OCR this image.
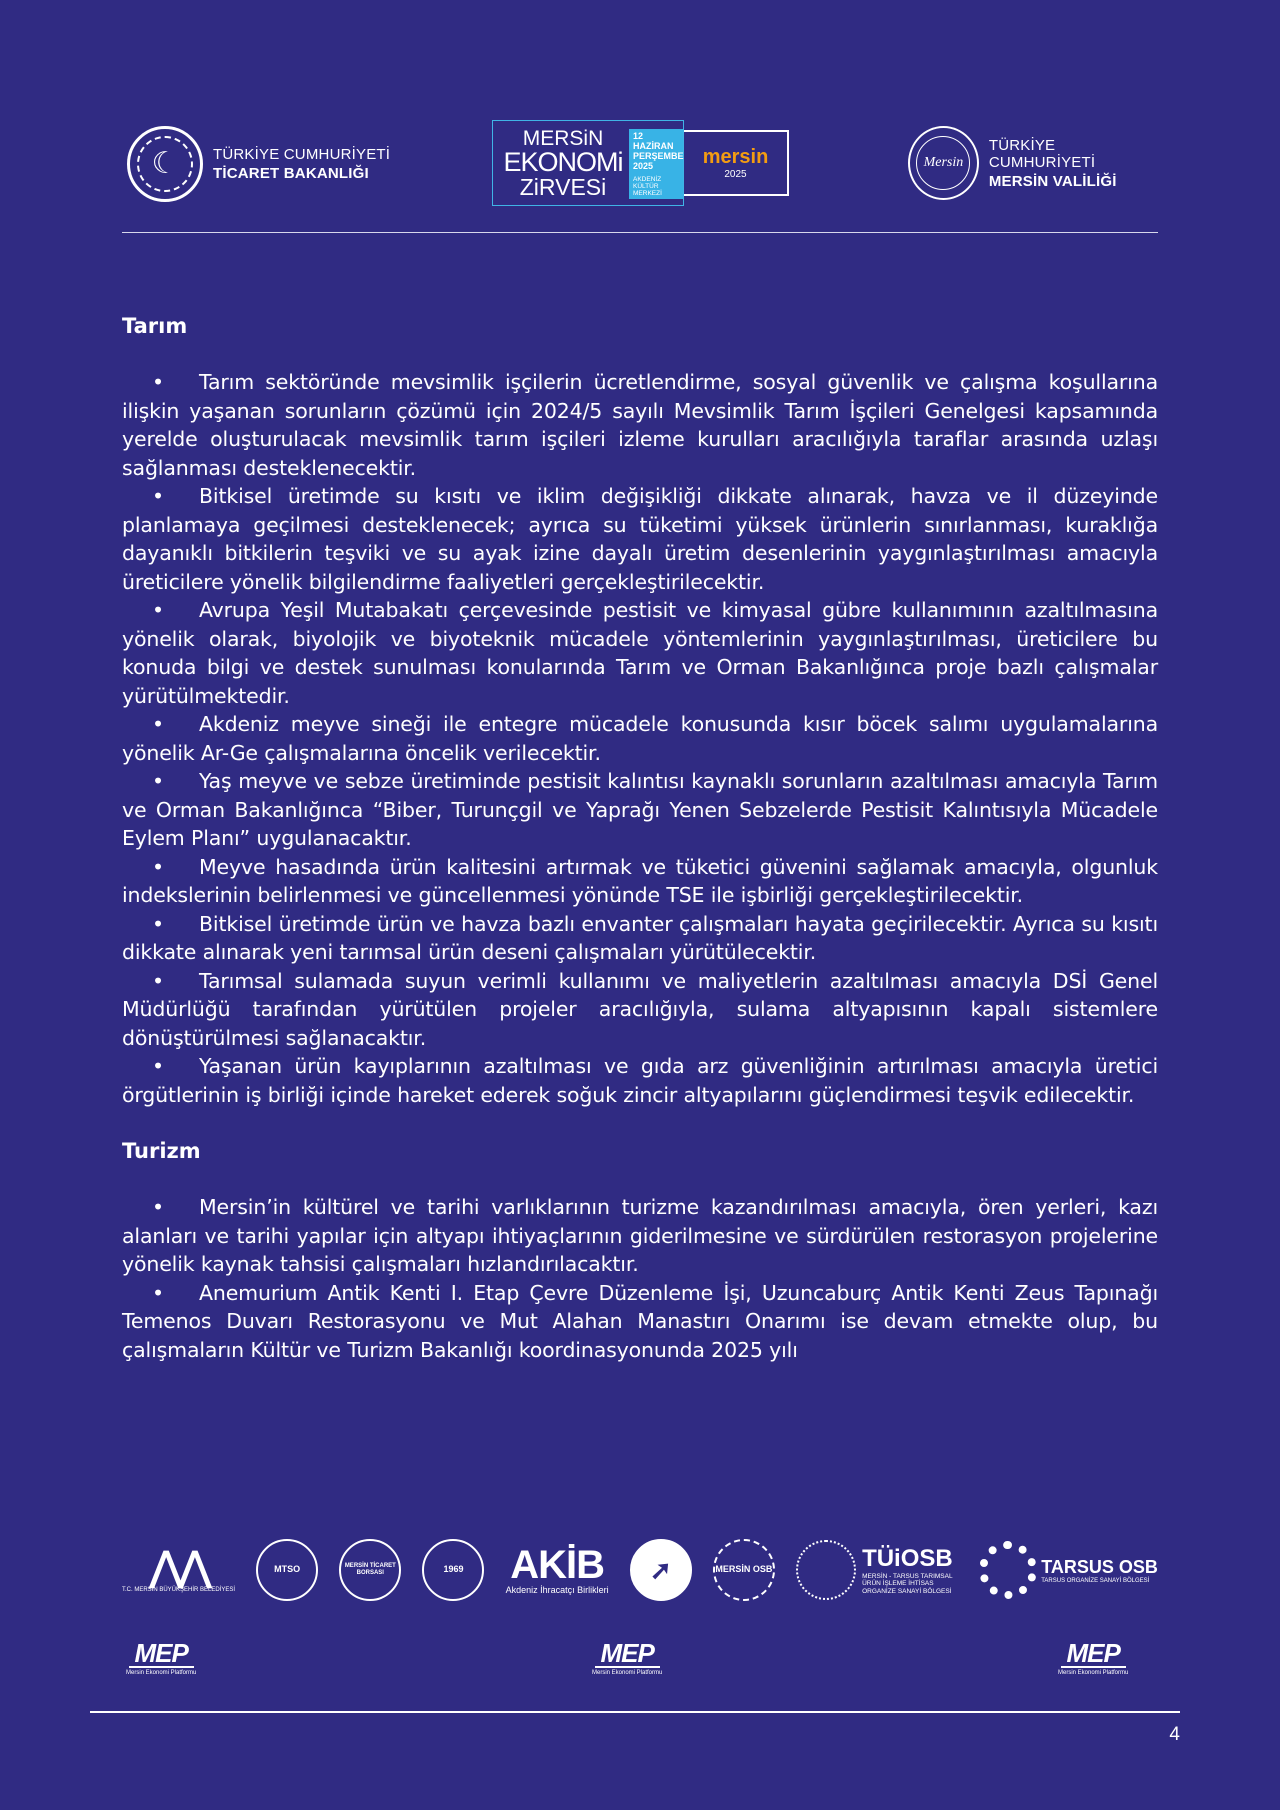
☾	TÜRKİYE CUMHURİYETİ
TİCARET BAKANLIĞI
MERSiN
EKONOMi
ZiRVESi
12 HAZİRAN
PERŞEMBE
2025
AKDENİZ KÜLTÜR MERKEZİ
mersin
2025
Mersin
TÜRKİYE CUMHURİYETİ
MERSİN VALİLİĞİ
Tarım

• Tarım sektöründe mevsimlik işçilerin ücretlendirme, sosyal güvenlik ve çalışma koşullarına ilişkin yaşanan sorunların çözümü için 2024/5 sayılı Mevsimlik Tarım İşçileri Genelgesi kapsamında yerelde oluşturulacak mevsimlik tarım işçileri izleme kurulları aracılığıyla taraflar arasında uzlaşı sağlanması desteklenecektir.

• Bitkisel üretimde su kısıtı ve iklim değişikliği dikkate alınarak, havza ve il düzeyinde planlamaya geçilmesi desteklenecek; ayrıca su tüketimi yüksek ürünlerin sınırlanması, kuraklığa dayanıklı bitkilerin teşviki ve su ayak izine dayalı üretim desenlerinin yaygınlaştırılması amacıyla üreticilere yönelik bilgilendirme faaliyetleri gerçekleştirilecektir.

• Avrupa Yeşil Mutabakatı çerçevesinde pestisit ve kimyasal gübre kullanımının azaltılmasına yönelik olarak, biyolojik ve biyoteknik mücadele yöntemlerinin yaygınlaştırılması, üreticilere bu konuda bilgi ve destek sunulması konularında Tarım ve Orman Bakanlığınca proje bazlı çalışmalar yürütülmektedir.

• Akdeniz meyve sineği ile entegre mücadele konusunda kısır böcek salımı uygulamalarına yönelik Ar-Ge çalışmalarına öncelik verilecektir.

• Yaş meyve ve sebze üretiminde pestisit kalıntısı kaynaklı sorunların azaltılması amacıyla Tarım ve Orman Bakanlığınca “Biber, Turunçgil ve Yaprağı Yenen Sebzelerde Pestisit Kalıntısıyla Mücadele Eylem Planı” uygulanacaktır.

• Meyve hasadında ürün kalitesini artırmak ve tüketici güvenini sağlamak amacıyla, olgunluk indekslerinin belirlenmesi ve güncellenmesi yönünde TSE ile işbirliği gerçekleştirilecektir.

• Bitkisel üretimde ürün ve havza bazlı envanter çalışmaları hayata geçirilecektir. Ayrıca su kısıtı dikkate alınarak yeni tarımsal ürün deseni çalışmaları yürütülecektir.

• Tarımsal sulamada suyun verimli kullanımı ve maliyetlerin azaltılması amacıyla DSİ Genel Müdürlüğü tarafından yürütülen projeler aracılığıyla, sulama altyapısının kapalı sistemlere dönüştürülmesi sağlanacaktır.

• Yaşanan ürün kayıplarının azaltılması ve gıda arz güvenliğinin artırılması amacıyla üretici örgütlerinin iş birliği içinde hareket ederek soğuk zincir altyapılarını güçlendirmesi teşvik edilecektir.

Turizm

• Mersin’in kültürel ve tarihi varlıklarının turizme kazandırılması amacıyla, ören yerleri, kazı alanları ve tarihi yapılar için altyapı ihtiyaçlarının giderilmesine ve sürdürülen restorasyon projelerine yönelik kaynak tahsisi çalışmaları hızlandırılacaktır.

• Anemurium Antik Kenti I. Etap Çevre Düzenleme İşi, Uzuncaburç Antik Kenti Zeus Tapınağı Temenos Duvarı Restorasyonu ve Mut Alahan Manastırı Onarımı ise devam etmekte olup, bu çalışmaların Kültür ve Turizm Bakanlığı koordinasyonunda 2025 yılı

⋀⋀
T.C. MERSİN BÜYÜKŞEHİR BELEDİYESİ
MTSO	MERSİN TİCARET BORSASI	1969	AKİB
Akdeniz İhracatçı Birlikleri
➚	MERSİN OSB	TÜiOSB
MERSİN - TARSUS TARIMSAL ÜRÜN İŞLEME İHTİSAS ORGANİZE SANAYİ BÖLGESİ
TARSUS OSB
TARSUS ORGANİZE SANAYİ BÖLGESİ
MEP
Mersin Ekonomi Platformu
MEP
Mersin Ekonomi Platformu
MEP
Mersin Ekonomi Platformu
4
